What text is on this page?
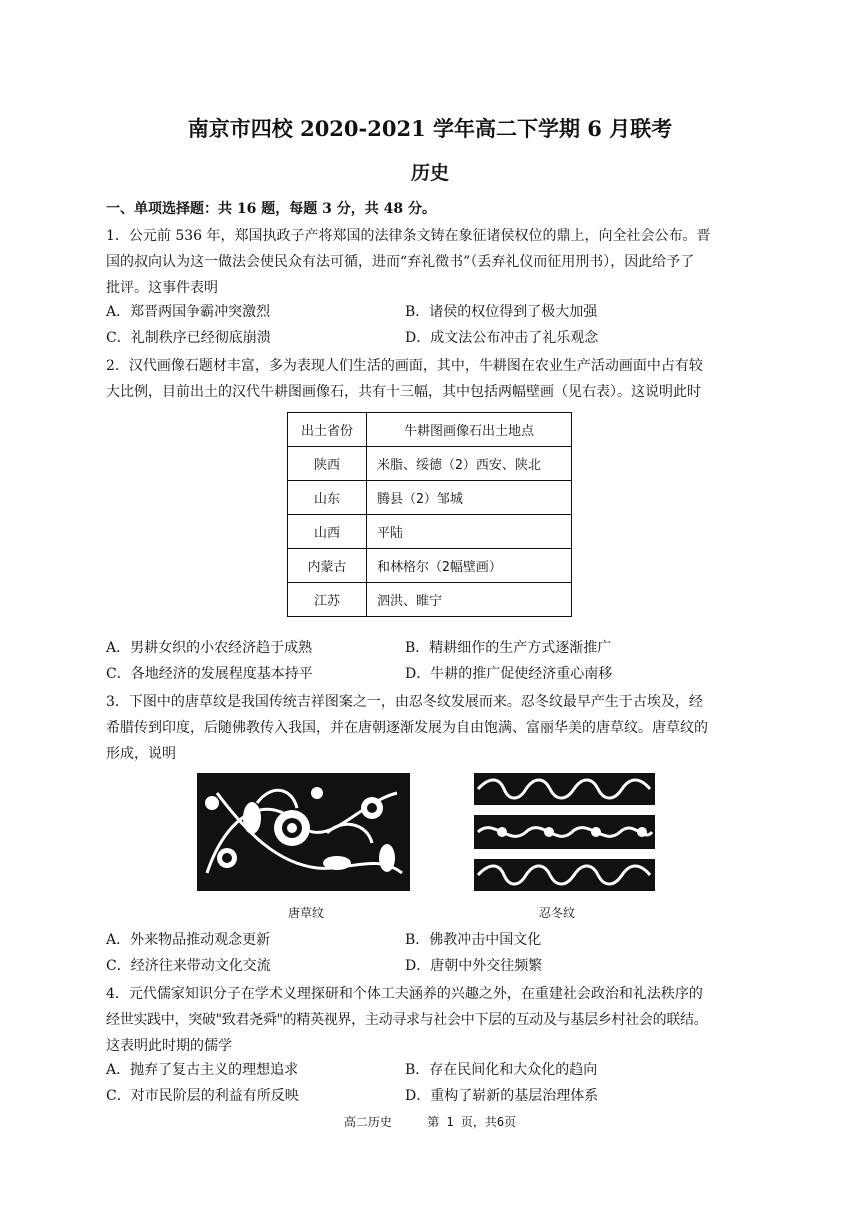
南京市四校 2020-2021 学年高二下学期 6 月联考
历史
一、单项选择题：共 16 题，每题 3 分，共 48 分。
1．公元前 536 年，郑国执政子产将郑国的法律条文铸在象征诸侯权位的鼎上，向全社会公布。晋
国的叔向认为这一做法会使民众有法可循，进而“弃礼徵书”（丢弃礼仪而征用刑书），因此给予了
批评。这事件表明
A．郑晋两国争霸冲突激烈	B．诸侯的权位得到了极大加强
C．礼制秩序已经彻底崩溃	D．成文法公布冲击了礼乐观念
2．汉代画像石题材丰富，多为表现人们生活的画面，其中，牛耕图在农业生产活动画面中占有较
大比例，目前出土的汉代牛耕图画像石，共有十三幅，其中包括两幅壁画（见右表）。这说明此时
出土省份	牛耕图画像石出土地点
陕西	米脂、绥德（2）西安、陕北
山东	腾县（2）邹城
山西	平陆
内蒙古	和林格尔（2幅壁画）
江苏	泗洪、睢宁
A．男耕女织的小农经济趋于成熟	B．精耕细作的生产方式逐渐推广
C．各地经济的发展程度基本持平	D．牛耕的推广促使经济重心南移
3．下图中的唐草纹是我国传统吉祥图案之一，由忍冬纹发展而来。忍冬纹最早产生于古埃及，经
希腊传到印度，后随佛教传入我国，并在唐朝逐渐发展为自由饱满、富丽华美的唐草纹。唐草纹的
形成，说明
唐草纹	忍冬纹
A．外来物品推动观念更新	B．佛教冲击中国文化
C．经济往来带动文化交流	D．唐朝中外交往频繁
4．元代儒家知识分子在学术义理探研和个体工夫涵养的兴趣之外，在重建社会政治和礼法秩序的
经世实践中，突破"致君尧舜"的精英视界，主动寻求与社会中下层的互动及与基层乡村社会的联结。
这表明此时期的儒学
A．抛弃了复古主义的理想追求	B．存在民间化和大众化的趋向
C．对市民阶层的利益有所反映	D．重构了崭新的基层治理体系
高二历史	第 1 页，共6页
